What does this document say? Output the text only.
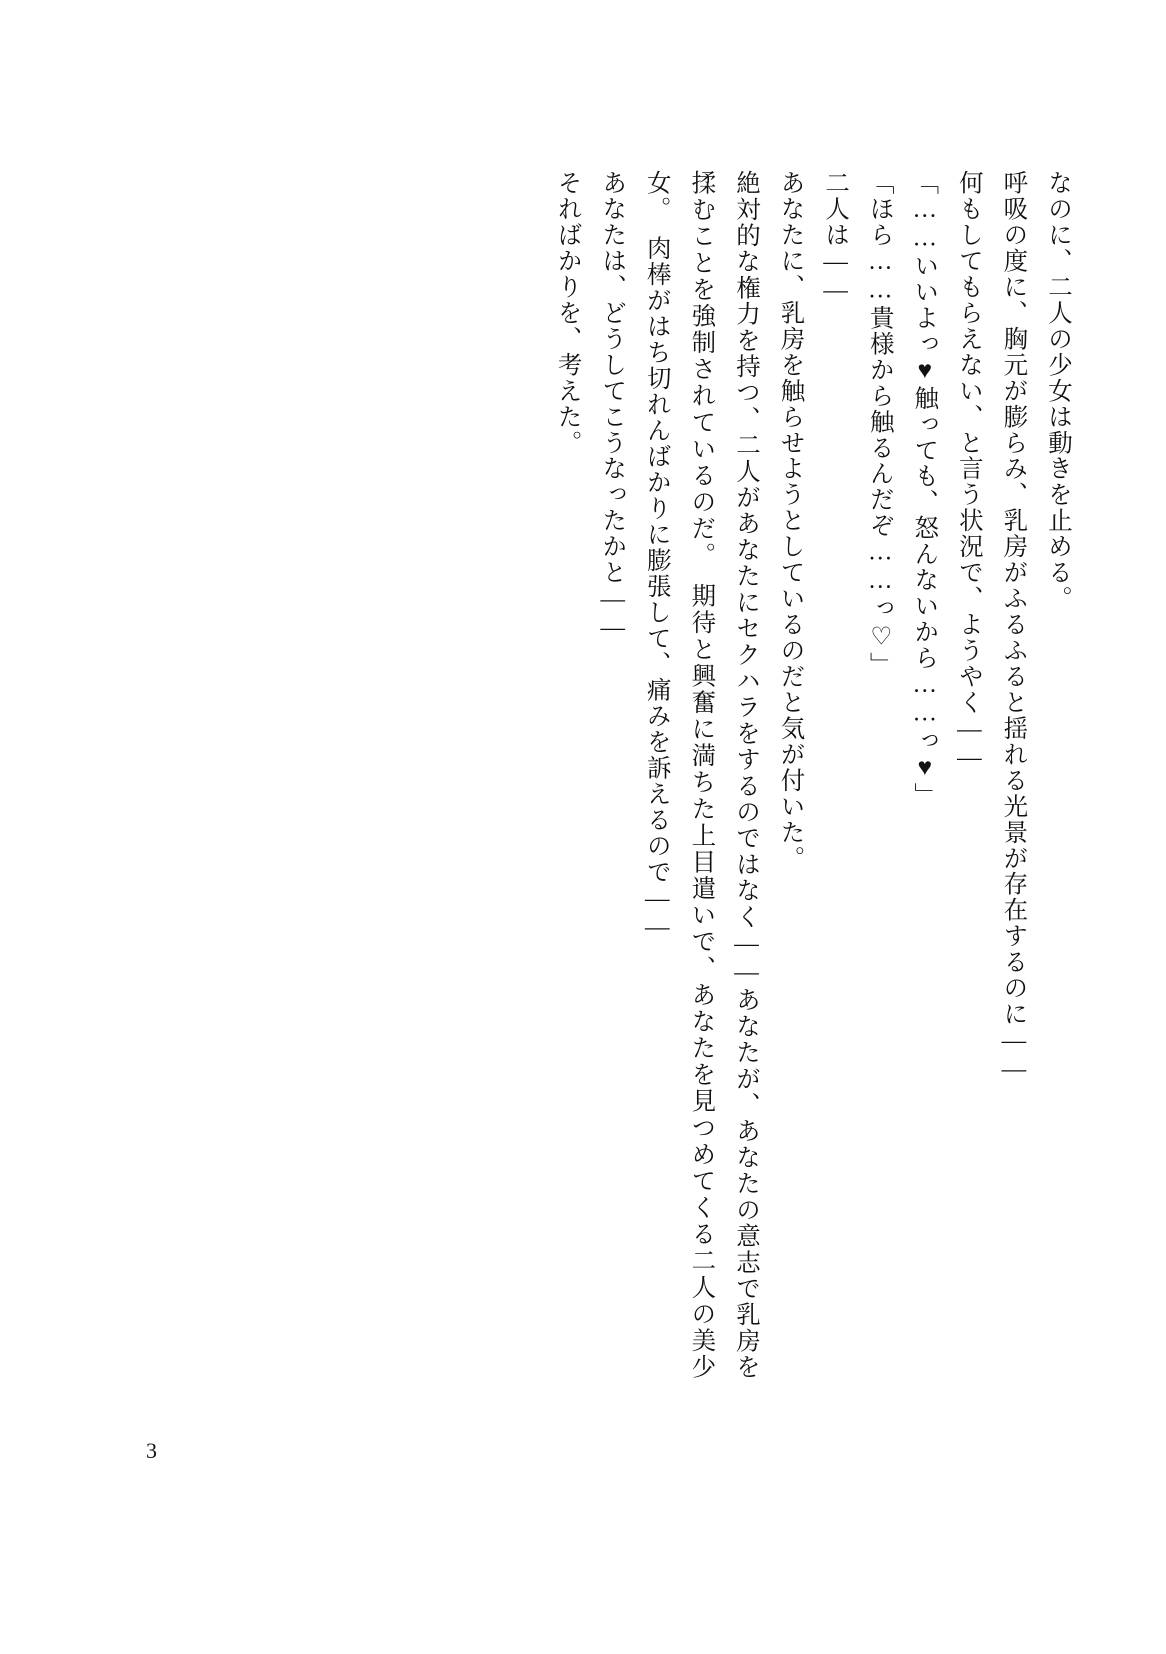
なのに、二人の少女は動きを止める。

呼吸の度に、胸元が膨らみ、乳房がふるふると揺れる光景が存在するのに――

何もしてもらえない、と言う状況で、ようやく――

「……いいよっ♥触っても、怒んないから……っ♥」

「ほら……貴様から触るんだぞ……っ♡」

二人は――

あなたに、乳房を触らせようとしているのだと気が付いた。

絶対的な権力を持つ、二人があなたにセクハラをするのではなく――あなたが、あなたの意志で乳房を揉むことを強制されているのだ。　期待と興奮に満ちた上目遣いで、あなたを見つめてくる二人の美少女。　肉棒がはち切れんばかりに膨張して、痛みを訴えるので――

あなたは、どうしてこうなったかと――

そればかりを、考えた。

3
